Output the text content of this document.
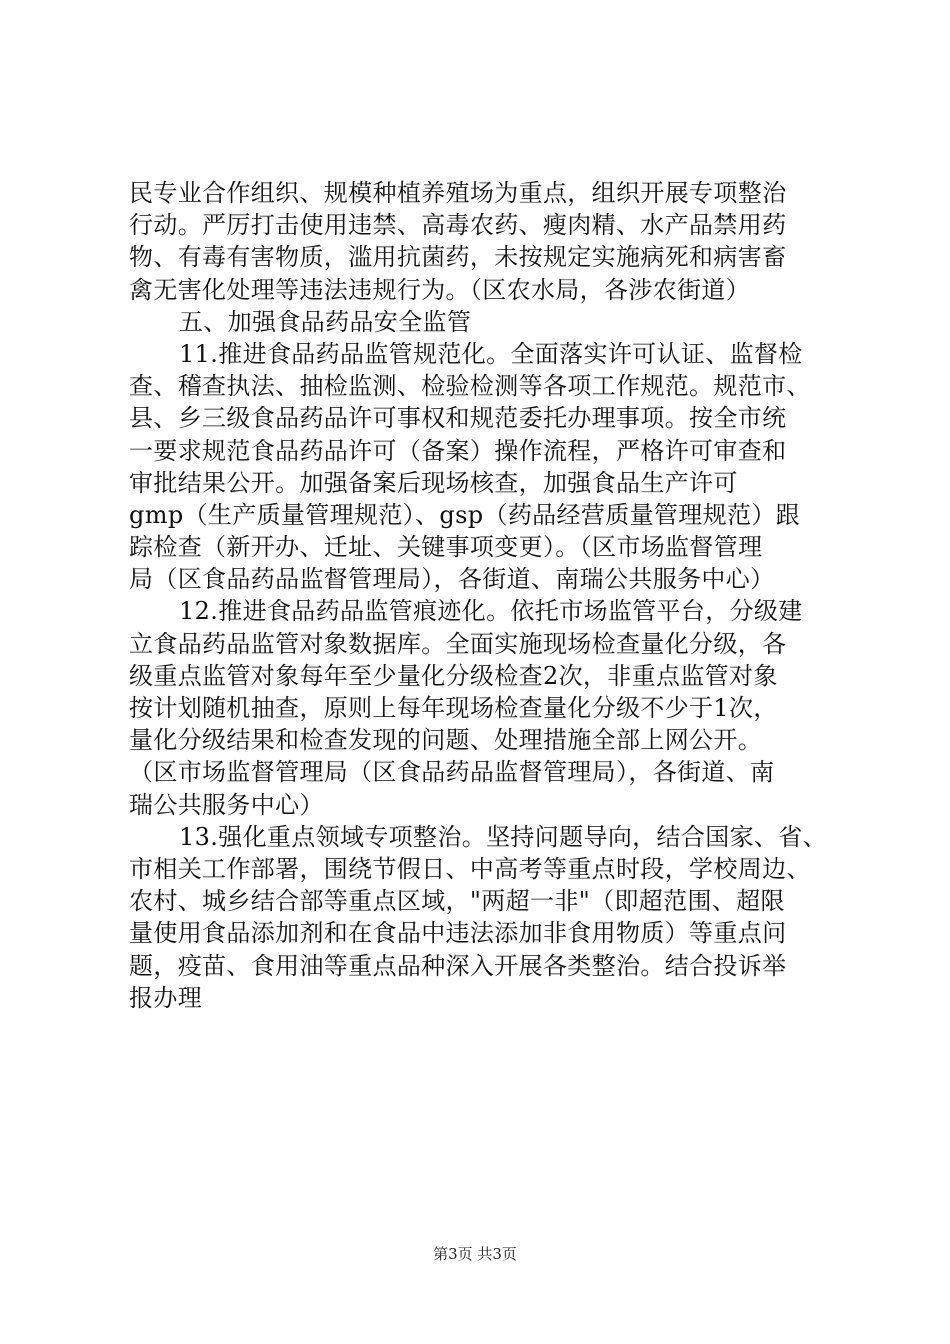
民专业合作组织、规模种植养殖场为重点，组织开展专项整治
行动。严厉打击使用违禁、高毒农药、瘦肉精、水产品禁用药
物、有毒有害物质，滥用抗菌药，未按规定实施病死和病害畜
禽无害化处理等违法违规行为。（区农水局，各涉农街道）
五、加强食品药品安全监管
11.推进食品药品监管规范化。全面落实许可认证、监督检
查、稽查执法、抽检监测、检验检测等各项工作规范。规范市、
县、乡三级食品药品许可事权和规范委托办理事项。按全市统
一要求规范食品药品许可（备案）操作流程，严格许可审查和
审批结果公开。加强备案后现场核查，加强食品生产许可
gmp（生产质量管理规范）、gsp（药品经营质量管理规范）跟
踪检查（新开办、迁址、关键事项变更）。（区市场监督管理
局（区食品药品监督管理局），各街道、南瑞公共服务中心）
12.推进食品药品监管痕迹化。依托市场监管平台，分级建
立食品药品监管对象数据库。全面实施现场检查量化分级，各
级重点监管对象每年至少量化分级检查2次，非重点监管对象
按计划随机抽查，原则上每年现场检查量化分级不少于1次，
量化分级结果和检查发现的问题、处理措施全部上网公开。
（区市场监督管理局（区食品药品监督管理局），各街道、南
瑞公共服务中心）
13.强化重点领域专项整治。坚持问题导向，结合国家、省、
市相关工作部署，围绕节假日、中高考等重点时段，学校周边、
农村、城乡结合部等重点区域，"两超一非"（即超范围、超限
量使用食品添加剂和在食品中违法添加非食用物质）等重点问
题，疫苗、食用油等重点品种深入开展各类整治。结合投诉举
报办理
第3页 共3页
